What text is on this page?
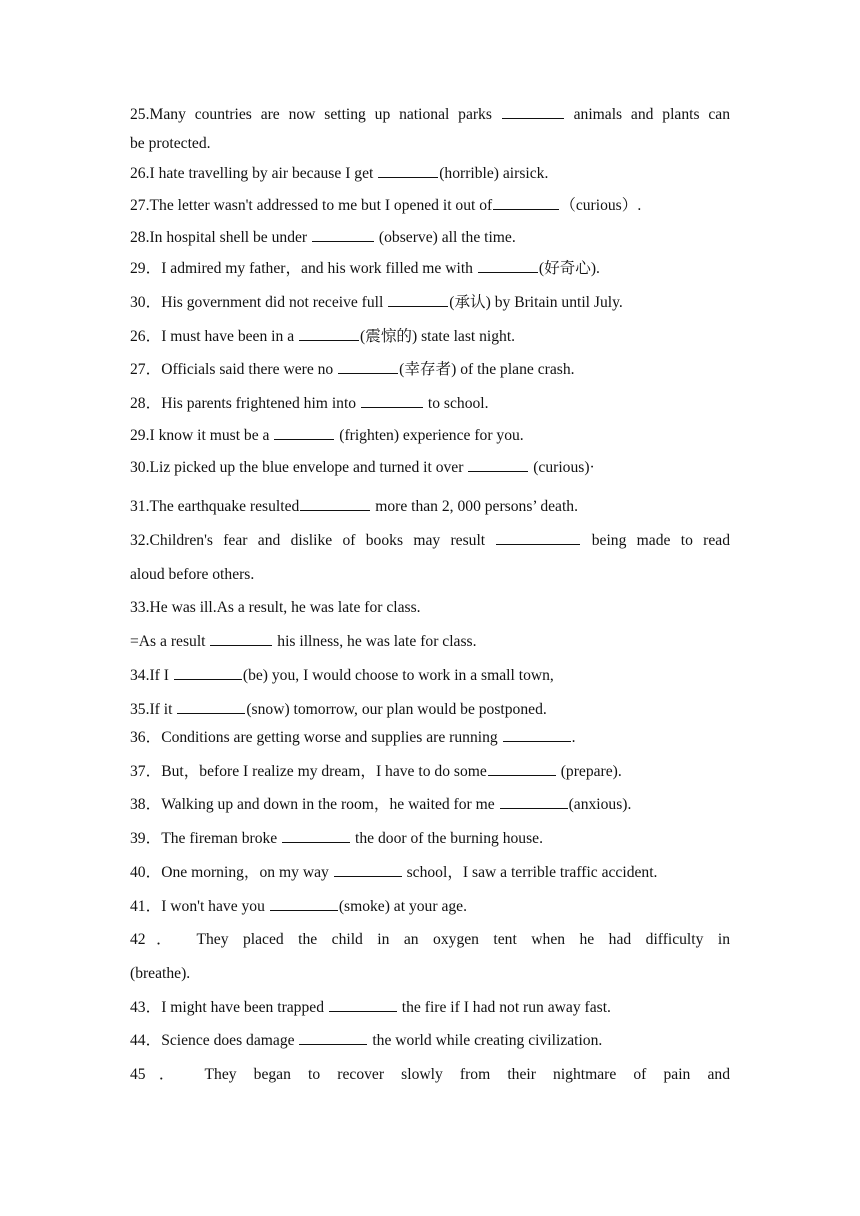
25.Many countries are now setting up national parks	animals and plants can
be protected.
26.I hate travelling by air because I get	(horrible) airsick.
27.The letter wasn't addressed to me but I opened it out of	（curious）.
28.In hospital shell be under	(observe) all the time.
29．I admired my father，and his work filled me with	(好奇心).
30．His government did not receive full	(承认) by Britain until July.
26．I must have been in a	(震惊的) state last night.
27．Officials said there were no	(幸存者) of the plane crash.
28．His parents frightened him into	to school.
29.I know it must be a	(frighten) experience for you.
30.Liz picked up the blue envelope and turned it over	(curious)·
31.The earthquake resulted	more than 2, 000 persons’ death.
32.Children's fear and dislike of books may result	being made to read
aloud before others.
33.He was ill.As a result, he was late for class.
=As a result	his illness, he was late for class.
34.If I	(be) you, I would choose to work in a small town,
35.If it	(snow) tomorrow, our plan would be postponed.
36．Conditions are getting worse and supplies are running	.
37．But，before I realize my dream，I have to do some	(prepare).
38．Walking up and down in the room，he waited for me	(anxious).
39．The fireman broke	the door of the burning house.
40．One morning，on my way	school，I saw a terrible traffic accident.
41．I won't have you	(smoke) at your age.
42． They placed the child in an oxygen tent when he had difficulty in
(breathe).
43．I might have been trapped	the fire if I had not run away fast.
44．Science does damage	the world while creating civilization.
45． They began to recover slowly from their nightmare of pain and
